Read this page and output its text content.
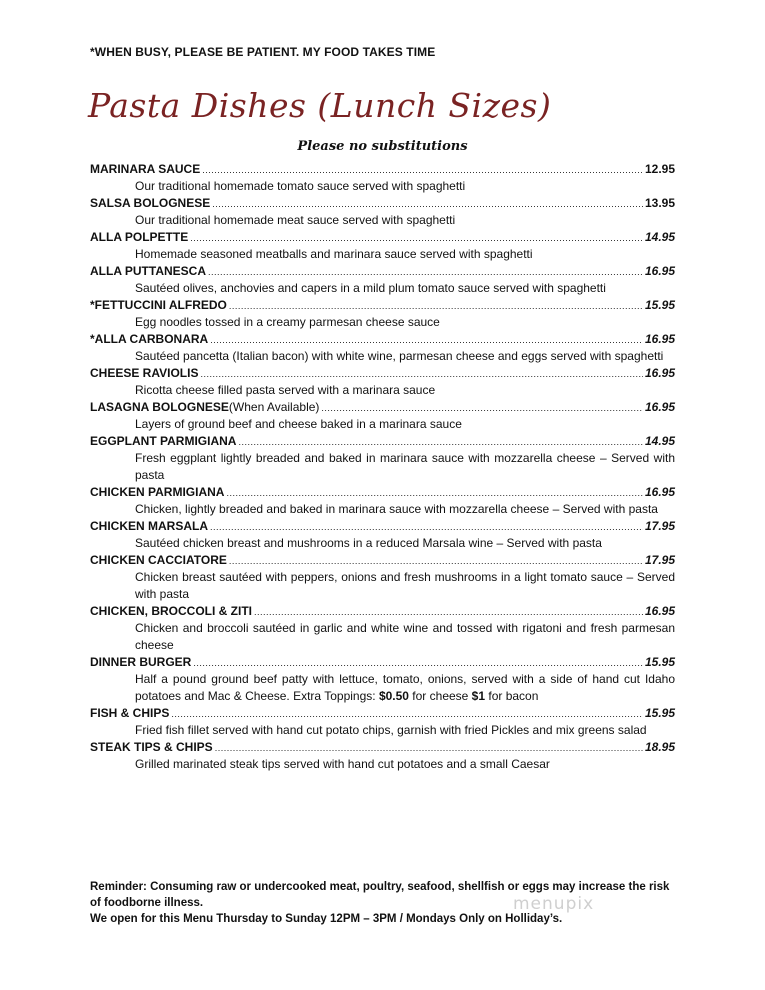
*WHEN BUSY, PLEASE BE PATIENT. MY FOOD TAKES TIME
Pasta Dishes (Lunch Sizes)
Please no substitutions
MARINARA SAUCE .....	12.95
Our traditional homemade tomato sauce served with spaghetti
SALSA BOLOGNESE .....	13.95
Our traditional homemade meat sauce served with spaghetti
ALLA POLPETTE .....	14.95
Homemade seasoned meatballs and marinara sauce served with spaghetti
ALLA PUTTANESCA .....	16.95
Sautéed olives, anchovies and capers in a mild plum tomato sauce served with spaghetti
*FETTUCCINI ALFREDO .....	15.95
Egg noodles tossed in a creamy parmesan cheese sauce
*ALLA CARBONARA .....	16.95
Sautéed pancetta (Italian bacon) with white wine, parmesan cheese and eggs served with spaghetti
CHEESE RAVIOLIS .....	16.95
Ricotta cheese filled pasta served with a marinara sauce
LASAGNA BOLOGNESE (When Available) .....	16.95
Layers of ground beef and cheese baked in a marinara sauce
EGGPLANT PARMIGIANA .....	14.95
Fresh eggplant lightly breaded and baked in marinara sauce with mozzarella cheese – Served with pasta
CHICKEN PARMIGIANA .....	16.95
Chicken, lightly breaded and baked in marinara sauce with mozzarella cheese – Served with pasta
CHICKEN MARSALA .....	17.95
Sautéed chicken breast and mushrooms in a reduced Marsala wine – Served with pasta
CHICKEN CACCIATORE .....	17.95
Chicken breast sautéed with peppers, onions and fresh mushrooms in a light tomato sauce – Served with pasta
CHICKEN, BROCCOLI & ZITI .....	16.95
Chicken and broccoli sautéed in garlic and white wine and tossed with rigatoni and fresh parmesan cheese
DINNER BURGER .....	15.95
Half a pound ground beef patty with lettuce, tomato, onions, served with a side of hand cut Idaho potatoes and Mac & Cheese. Extra Toppings: $0.50 for cheese $1 for bacon
FISH & CHIPS .....	15.95
Fried fish fillet served with hand cut potato chips, garnish with fried Pickles and mix greens salad
STEAK TIPS & CHIPS .....	18.95
Grilled marinated steak tips served with hand cut potatoes and a small Caesar
Reminder: Consuming raw or undercooked meat, poultry, seafood, shellfish or eggs may increase the risk of foodborne illness.
We open for this Menu Thursday to Sunday 12PM – 3PM / Mondays Only on Holliday’s.
menupix
